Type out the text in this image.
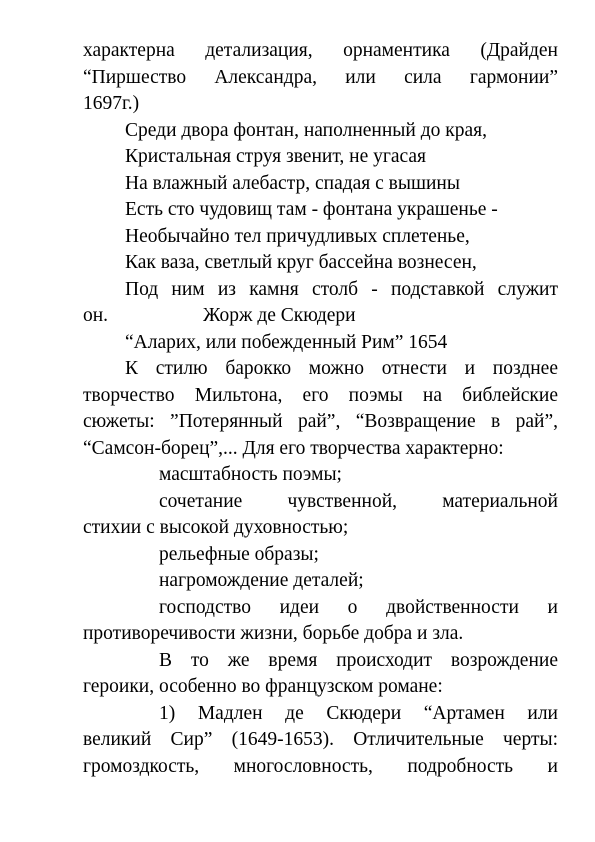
характерна детализация, орнаментика (Драйден
“Пиршество Александра, или сила гармонии”
1697г.)
Среди двора фонтан, наполненный до края,
Кристальная струя звенит, не угасая
На влажный алебастр, спадая с вышины
Есть сто чудовищ там - фонтана украшенье -
Необычайно тел причудливых сплетенье,
Как ваза, светлый круг бассейна вознесен,
Под ним из камня столб - подставкой служит
он.	Жорж де Скюдери
“Аларих, или побежденный Рим” 1654
К стилю барокко можно отнести и позднее
творчество Мильтона, его поэмы на библейские
сюжеты: ”Потерянный рай”, “Возвращение в рай”,
“Самсон-борец”,... Для его творчества характерно:
масштабность поэмы;
сочетание чувственной, материальной
стихии с высокой духовностью;
рельефные образы;
нагромождение деталей;
господство идеи о двойственности и
противоречивости жизни, борьбе добра и зла.
В то же время происходит возрождение
героики, особенно во французском романе:
1) Мадлен де Скюдери “Артамен или
великий Сир” (1649-1653). Отличительные черты:
громоздкость, многословность, подробность и
